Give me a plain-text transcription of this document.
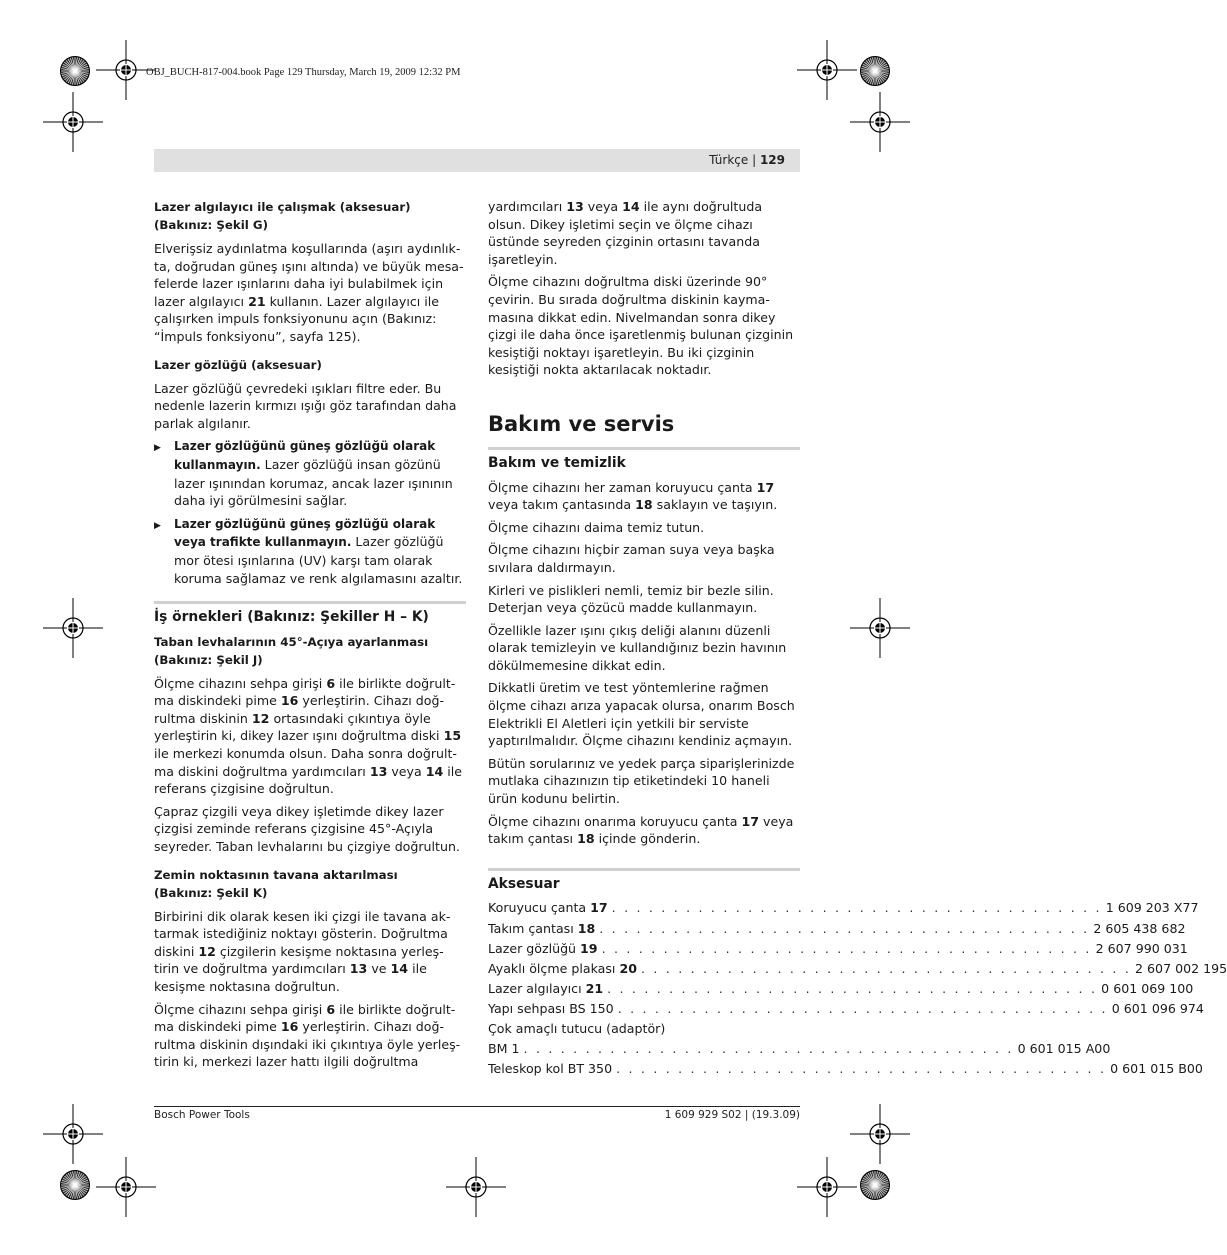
OBJ_BUCH-817-004.book Page 129 Thursday, March 19, 2009 12:32 PM
Türkçe | 129
Lazer algılayıcı ile çalışmak (aksesuar)
(Bakınız: Şekil G)

Elverişsiz aydınlatma koşullarında (aşırı aydınlık-ta, doğrudan güneş ışını altında) ve büyük mesa-felerde lazer ışınlarını daha iyi bulabilmek için lazer algılayıcı 21 kullanın. Lazer algılayıcı ile çalışırken impuls fonksiyonunu açın (Bakınız: “İmpuls fonksiyonu”, sayfa 125).

Lazer gözlüğü (aksesuar)

Lazer gözlüğü çevredeki ışıkları filtre eder. Bu nedenle lazerin kırmızı ışığı göz tarafından daha parlak algılanır.

▶	Lazer gözlüğünü güneş gözlüğü olarak kullanmayın. Lazer gözlüğü insan gözünü lazer ışınından korumaz, ancak lazer ışınının daha iyi görülmesini sağlar.
▶	Lazer gözlüğünü güneş gözlüğü olarak veya trafikte kullanmayın. Lazer gözlüğü mor ötesi ışınlarına (UV) karşı tam olarak koruma sağlamaz ve renk algılamasını azaltır.
İş örnekleri (Bakınız: Şekiller H – K)
Taban levhalarının 45°-Açıya ayarlanması
(Bakınız: Şekil J)

Ölçme cihazını sehpa girişi 6 ile birlikte doğrult-ma diskindeki pime 16 yerleştirin. Cihazı doğ-rultma diskinin 12 ortasındaki çıkıntıya öyle yerleştirin ki, dikey lazer ışını doğrultma diski 15 ile merkezi konumda olsun. Daha sonra doğrult-ma diskini doğrultma yardımcıları 13 veya 14 ile referans çizgisine doğrultun.

Çapraz çizgili veya dikey işletimde dikey lazer çizgisi zeminde referans çizgisine 45°-Açıyla seyreder. Taban levhalarını bu çizgiye doğrultun.

Zemin noktasının tavana aktarılması
(Bakınız: Şekil K)

Birbirini dik olarak kesen iki çizgi ile tavana ak-tarmak istediğiniz noktayı gösterin. Doğrultma diskini 12 çizgilerin kesişme noktasına yerleş-tirin ve doğrultma yardımcıları 13 ve 14 ile kesişme noktasına doğrultun.

Ölçme cihazını sehpa girişi 6 ile birlikte doğrult-ma diskindeki pime 16 yerleştirin. Cihazı doğ-rultma diskinin dışındaki iki çıkıntıya öyle yerleş-tirin ki, merkezi lazer hattı ilgili doğrultma

yardımcıları 13 veya 14 ile aynı doğrultuda olsun. Dikey işletimi seçin ve ölçme cihazı üstünde seyreden çizginin ortasını tavanda işaretleyin.

Ölçme cihazını doğrultma diski üzerinde 90° çevirin. Bu sırada doğrultma diskinin kayma-masına dikkat edin. Nivelmandan sonra dikey çizgi ile daha önce işaretlenmiş bulunan çizginin kesiştiği noktayı işaretleyin. Bu iki çizginin kesiştiği nokta aktarılacak noktadır.

Bakım ve servis
Bakım ve temizlik

Ölçme cihazını her zaman koruyucu çanta 17 veya takım çantasında 18 saklayın ve taşıyın.

Ölçme cihazını daima temiz tutun.

Ölçme cihazını hiçbir zaman suya veya başka sıvılara daldırmayın.

Kirleri ve pislikleri nemli, temiz bir bezle silin. Deterjan veya çözücü madde kullanmayın.

Özellikle lazer ışını çıkış deliği alanını düzenli olarak temizleyin ve kullandığınız bezin havının dökülmemesine dikkat edin.

Dikkatli üretim ve test yöntemlerine rağmen ölçme cihazı arıza yapacak olursa, onarım Bosch Elektrikli El Aletleri için yetkili bir serviste yaptırılmalıdır. Ölçme cihazını kendiniz açmayın.

Bütün sorularınız ve yedek parça siparişlerinizde mutlaka cihazınızın tip etiketindeki 10 haneli ürün kodunu belirtin.

Ölçme cihazını onarıma koruyucu çanta 17 veya takım çantası 18 içinde gönderin.

Aksesuar
Koruyucu çanta 17 . . . . . . . . . . . . . . . . . . . . . . . . . . . . . . . . . . . . . . . . 1 609 203 X77
Takım çantası 18 . . . . . . . . . . . . . . . . . . . . . . . . . . . . . . . . . . . . . . . . 2 605 438 682
Lazer gözlüğü 19 . . . . . . . . . . . . . . . . . . . . . . . . . . . . . . . . . . . . . . . . 2 607 990 031
Ayaklı ölçme plakası 20 . . . . . . . . . . . . . . . . . . . . . . . . . . . . . . . . . . . . . . . . 2 607 002 195
Lazer algılayıcı 21 . . . . . . . . . . . . . . . . . . . . . . . . . . . . . . . . . . . . . . . . 0 601 069 100
Yapı sehpası BS 150 . . . . . . . . . . . . . . . . . . . . . . . . . . . . . . . . . . . . . . . . 0 601 096 974
Çok amaçlı tutucu (adaptör)
BM 1 . . . . . . . . . . . . . . . . . . . . . . . . . . . . . . . . . . . . . . . . 0 601 015 A00
Teleskop kol BT 350 . . . . . . . . . . . . . . . . . . . . . . . . . . . . . . . . . . . . . . . . 0 601 015 B00
Bosch Power Tools	1 609 929 S02 | (19.3.09)
